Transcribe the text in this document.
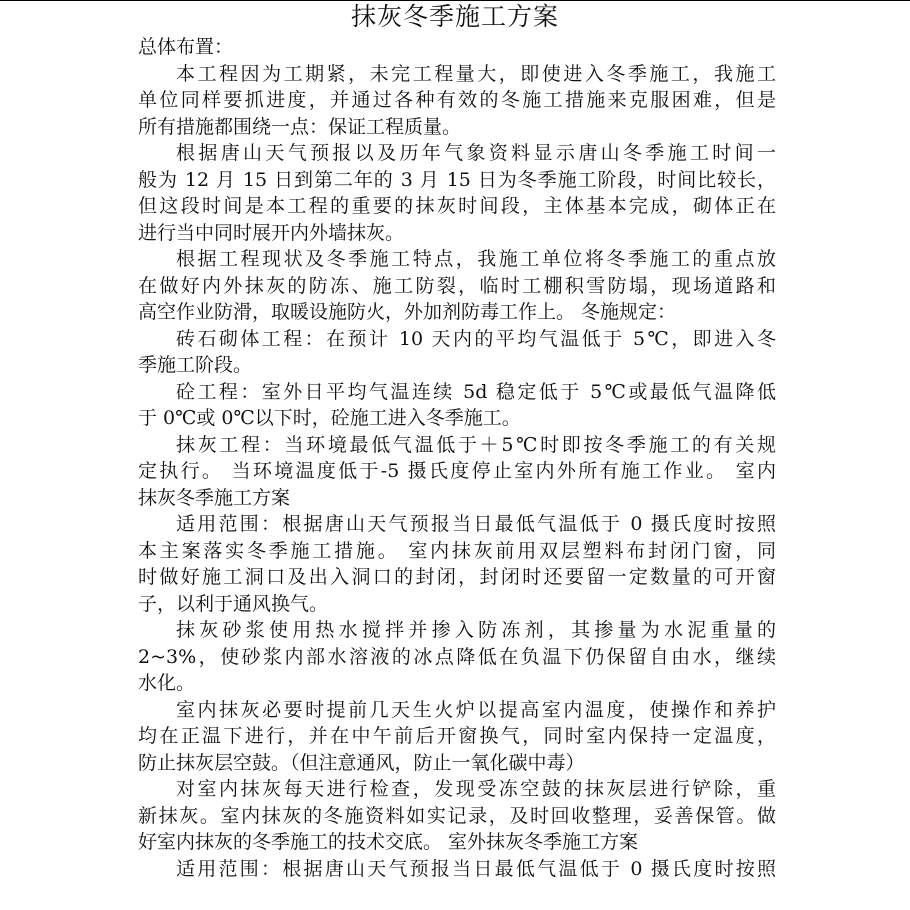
抹灰冬季施工方案
总体布置：
本工程因为工期紧，未完工程量大，即使进入冬季施工，我施工
单位同样要抓进度，并通过各种有效的冬施工措施来克服困难，但是
所有措施都围绕一点：保证工程质量。
根据唐山天气预报以及历年气象资料显示唐山冬季施工时间一
般为 12 月 15 日到第二年的 3 月 15 日为冬季施工阶段，时间比较长，
但这段时间是本工程的重要的抹灰时间段，主体基本完成，砌体正在
进行当中同时展开内外墙抹灰。
根据工程现状及冬季施工特点，我施工单位将冬季施工的重点放
在做好内外抹灰的防冻、施工防裂，临时工棚积雪防塌，现场道路和
高空作业防滑，取暖设施防火，外加剂防毒工作上。 冬施规定：
砖石砌体工程：在预计 10 天内的平均气温低于 5℃，即进入冬
季施工阶段。
砼工程：室外日平均气温连续 5d 稳定低于 5℃或最低气温降低
于 0℃或 0℃以下时，砼施工进入冬季施工。
抹灰工程：当环境最低气温低于＋5℃时即按冬季施工的有关规
定执行。 当环境温度低于-5 摄氏度停止室内外所有施工作业。 室内
抹灰冬季施工方案
适用范围：根据唐山天气预报当日最低气温低于 0 摄氏度时按照
本主案落实冬季施工措施。 室内抹灰前用双层塑料布封闭门窗，同
时做好施工洞口及出入洞口的封闭，封闭时还要留一定数量的可开窗
子，以利于通风换气。
抹灰砂浆使用热水搅拌并掺入防冻剂，其掺量为水泥重量的
2~3%，使砂浆内部水溶液的冰点降低在负温下仍保留自由水，继续
水化。
室内抹灰必要时提前几天生火炉以提高室内温度，使操作和养护
均在正温下进行，并在中午前后开窗换气，同时室内保持一定温度，
防止抹灰层空鼓。（但注意通风，防止一氧化碳中毒）
对室内抹灰每天进行检查，发现受冻空鼓的抹灰层进行铲除，重
新抹灰。室内抹灰的冬施资料如实记录，及时回收整理，妥善保管。做
好室内抹灰的冬季施工的技术交底。 室外抹灰冬季施工方案
适用范围：根据唐山天气预报当日最低气温低于 0 摄氏度时按照
